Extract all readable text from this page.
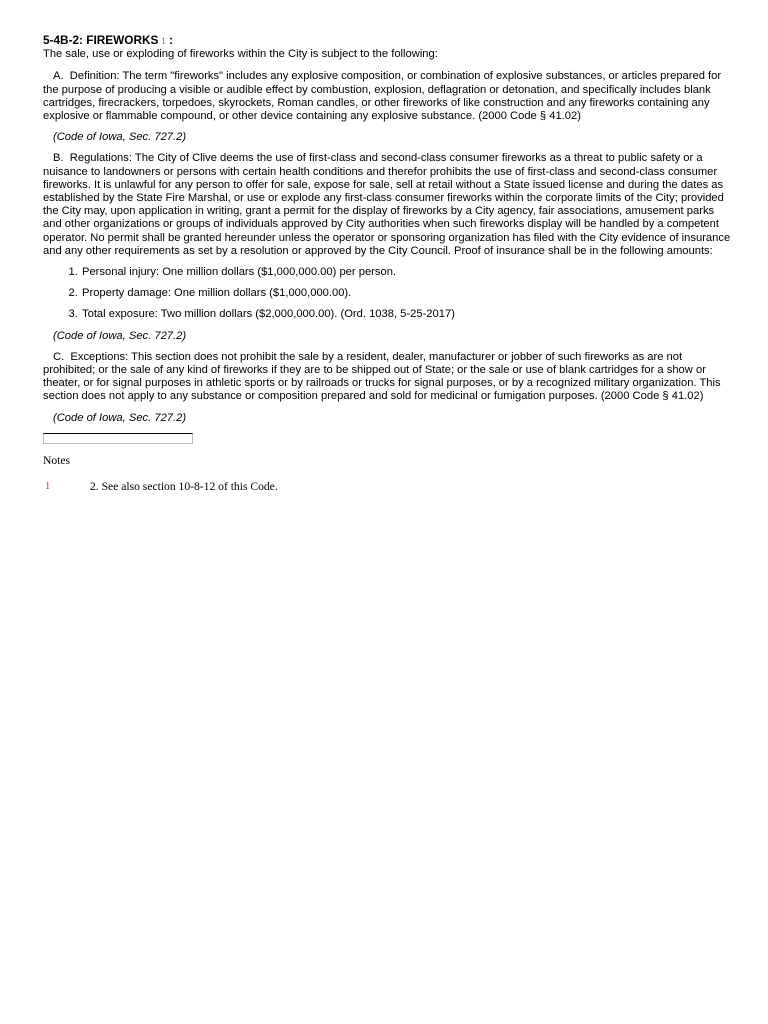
5-4B-2: FIREWORKS 1 :

The sale, use or exploding of fireworks within the City is subject to the following:

A.  Definition: The term "fireworks" includes any explosive composition, or combination of explosive substances, or articles prepared for the purpose of producing a visible or audible effect by combustion, explosion, deflagration or detonation, and specifically includes blank cartridges, firecrackers, torpedoes, skyrockets, Roman candles, or other fireworks of like construction and any fireworks containing any explosive or flammable compound, or other device containing any explosive substance. (2000 Code § 41.02)

(Code of Iowa, Sec. 727.2)

B.  Regulations: The City of Clive deems the use of first-class and second-class consumer fireworks as a threat to public safety or a nuisance to landowners or persons with certain health conditions and therefor prohibits the use of first-class and second-class consumer fireworks. It is unlawful for any person to offer for sale, expose for sale, sell at retail without a State issued license and during the dates as established by the State Fire Marshal, or use or explode any first-class consumer fireworks within the corporate limits of the City; provided the City may, upon application in writing, grant a permit for the display of fireworks by a City agency, fair associations, amusement parks and other organizations or groups of individuals approved by City authorities when such fireworks display will be handled by a competent operator. No permit shall be granted hereunder unless the operator or sponsoring organization has filed with the City evidence of insurance and any other requirements as set by a resolution or approved by the City Council. Proof of insurance shall be in the following amounts:

1. Personal injury: One million dollars ($1,000,000.00) per person.
2. Property damage: One million dollars ($1,000,000.00).
3. Total exposure: Two million dollars ($2,000,000.00). (Ord. 1038, 5-25-2017)

(Code of Iowa, Sec. 727.2)

C.  Exceptions: This section does not prohibit the sale by a resident, dealer, manufacturer or jobber of such fireworks as are not prohibited; or the sale of any kind of fireworks if they are to be shipped out of State; or the sale or use of blank cartridges for a show or theater, or for signal purposes in athletic sports or by railroads or trucks for signal purposes, or by a recognized military organization. This section does not apply to any substance or composition prepared and sold for medicinal or fumigation purposes. (2000 Code § 41.02)

(Code of Iowa, Sec. 727.2)

Notes

1	2. See also section 10-8-12 of this Code.
